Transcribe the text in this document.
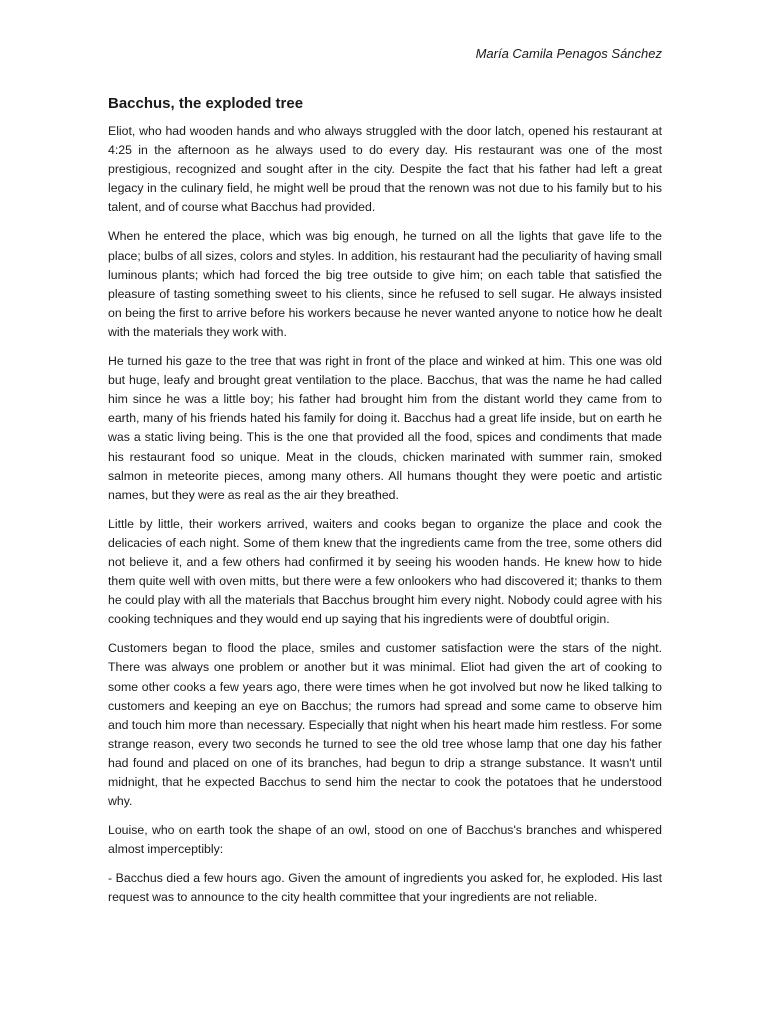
María Camila Penagos Sánchez
Bacchus, the exploded tree

Eliot, who had wooden hands and who always struggled with the door latch, opened his restaurant at 4:25 in the afternoon as he always used to do every day. His restaurant was one of the most prestigious, recognized and sought after in the city. Despite the fact that his father had left a great legacy in the culinary field, he might well be proud that the renown was not due to his family but to his talent, and of course what Bacchus had provided.

When he entered the place, which was big enough, he turned on all the lights that gave life to the place; bulbs of all sizes, colors and styles. In addition, his restaurant had the peculiarity of having small luminous plants; which had forced the big tree outside to give him; on each table that satisfied the pleasure of tasting something sweet to his clients, since he refused to sell sugar. He always insisted on being the first to arrive before his workers because he never wanted anyone to notice how he dealt with the materials they work with.

He turned his gaze to the tree that was right in front of the place and winked at him. This one was old but huge, leafy and brought great ventilation to the place. Bacchus, that was the name he had called him since he was a little boy; his father had brought him from the distant world they came from to earth, many of his friends hated his family for doing it. Bacchus had a great life inside, but on earth he was a static living being. This is the one that provided all the food, spices and condiments that made his restaurant food so unique. Meat in the clouds, chicken marinated with summer rain, smoked salmon in meteorite pieces, among many others. All humans thought they were poetic and artistic names, but they were as real as the air they breathed.

Little by little, their workers arrived, waiters and cooks began to organize the place and cook the delicacies of each night. Some of them knew that the ingredients came from the tree, some others did not believe it, and a few others had confirmed it by seeing his wooden hands. He knew how to hide them quite well with oven mitts, but there were a few onlookers who had discovered it; thanks to them he could play with all the materials that Bacchus brought him every night. Nobody could agree with his cooking techniques and they would end up saying that his ingredients were of doubtful origin.

Customers began to flood the place, smiles and customer satisfaction were the stars of the night. There was always one problem or another but it was minimal. Eliot had given the art of cooking to some other cooks a few years ago, there were times when he got involved but now he liked talking to customers and keeping an eye on Bacchus; the rumors had spread and some came to observe him and touch him more than necessary. Especially that night when his heart made him restless. For some strange reason, every two seconds he turned to see the old tree whose lamp that one day his father had found and placed on one of its branches, had begun to drip a strange substance. It wasn't until midnight, that he expected Bacchus to send him the nectar to cook the potatoes that he understood why.

Louise, who on earth took the shape of an owl, stood on one of Bacchus's branches and whispered almost imperceptibly:

- Bacchus died a few hours ago. Given the amount of ingredients you asked for, he exploded. His last request was to announce to the city health committee that your ingredients are not reliable.
